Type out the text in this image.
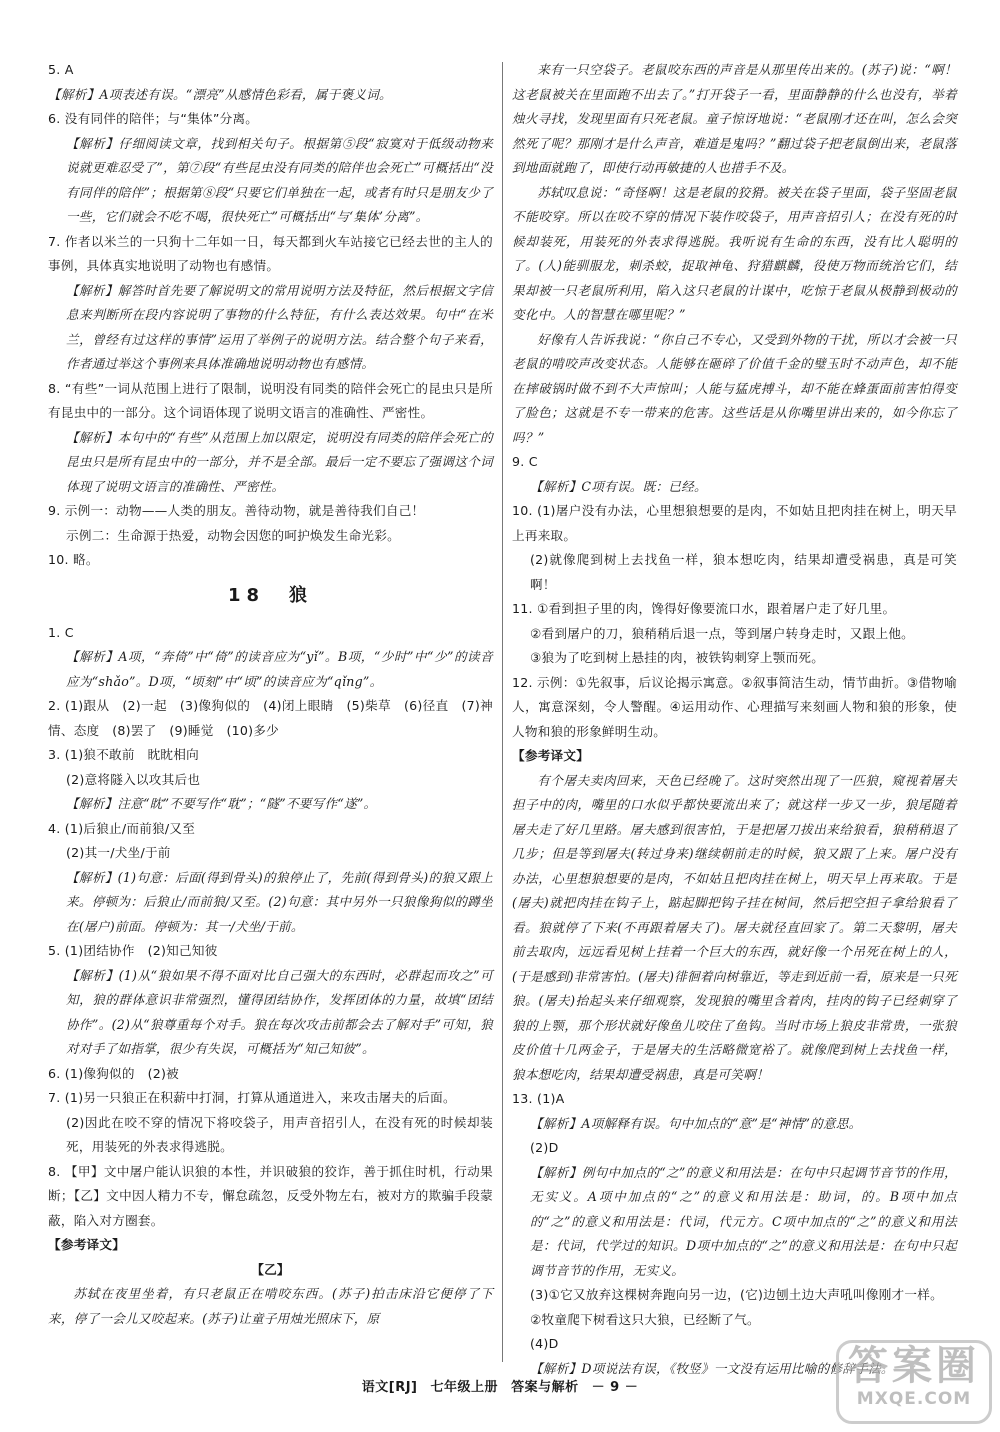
5. A

【解析】A项表述有误。“漂亮”从感情色彩看，属于褒义词。

6. 没有同伴的陪伴；与“集体”分离。

【解析】仔细阅读文章，找到相关句子。根据第⑤段“寂寞对于低级动物来说就更难忍受了”，第⑦段“有些昆虫没有同类的陪伴也会死亡”可概括出“没有同伴的陪伴”；根据第⑧段“只要它们单独在一起，或者有时只是朋友少了一些，它们就会不吃不喝，很快死亡”可概括出“与‘集体’分离”。

7. 作者以米兰的一只狗十二年如一日，每天都到火车站接它已经去世的主人的事例，具体真实地说明了动物也有感情。

【解析】解答时首先要了解说明文的常用说明方法及特征，然后根据文字信息来判断所在段内容说明了事物的什么特征，有什么表达效果。句中“在米兰，曾经有过这样的事情”运用了举例子的说明方法。结合整个句子来看，作者通过举这个事例来具体准确地说明动物也有感情。

8. “有些”一词从范围上进行了限制，说明没有同类的陪伴会死亡的昆虫只是所有昆虫中的一部分。这个词语体现了说明文语言的准确性、严密性。

【解析】本句中的“有些”从范围上加以限定，说明没有同类的陪伴会死亡的昆虫只是所有昆虫中的一部分，并不是全部。最后一定不要忘了强调这个词体现了说明文语言的准确性、严密性。

9. 示例一：动物——人类的朋友。善待动物，就是善待我们自己！

示例二：生命源于热爱，动物会因您的呵护焕发生命光彩。

10. 略。

18　狼

1. C

【解析】A项，“奔倚”中“倚”的读音应为“yǐ”。B项，“少时”中“少”的读音应为“shǎo”。D项，“顷刻”中“顷”的读音应为“qǐng”。

2. (1)跟从　(2)一起　(3)像狗似的　(4)闭上眼睛　(5)柴草　(6)径直　(7)神情、态度　(8)罢了　(9)睡觉　(10)多少

3. (1)狼不敢前　眈眈相向

(2)意将隧入以攻其后也

【解析】注意“眈”不要写作“耽”；“隧”不要写作“遂”。

4. (1)后狼止/而前狼/又至

(2)其一/犬坐/于前

【解析】(1)句意：后面(得到骨头)的狼停止了，先前(得到骨头)的狼又跟上来。停顿为：后狼止/而前狼/又至。(2)句意：其中另外一只狼像狗似的蹲坐在(屠户)前面。停顿为：其一/犬坐/于前。

5. (1)团结协作　(2)知己知彼

【解析】(1)从“狼如果不得不面对比自己强大的东西时，必群起而攻之”可知，狼的群体意识非常强烈，懂得团结协作，发挥团体的力量，故填“团结协作”。(2)从“狼尊重每个对手。狼在每次攻击前都会去了解对手”可知，狼对对手了如指掌，很少有失误，可概括为“知己知彼”。

6. (1)像狗似的　(2)被

7. (1)另一只狼正在积薪中打洞，打算从通道进入，来攻击屠夫的后面。

(2)因此在咬不穿的情况下将咬袋子，用声音招引人，在没有死的时候却装死，用装死的外表求得逃脱。

8. 【甲】文中屠户能认识狼的本性，并识破狼的狡诈，善于抓住时机，行动果断；【乙】文中因人精力不专，懈怠疏忽，反受外物左右，被对方的欺骗手段蒙蔽，陷入对方圈套。

【参考译文】

【乙】

苏轼在夜里坐着，有只老鼠正在啃咬东西。(苏子)拍击床沿它便停了下来，停了一会儿又咬起来。(苏子)让童子用烛光照床下，原

来有一只空袋子。老鼠咬东西的声音是从那里传出来的。(苏子)说：“啊！这老鼠被关在里面跑不出去了。”打开袋子一看，里面静静的什么也没有，举着烛火寻找，发现里面有只死老鼠。童子惊讶地说：“老鼠刚才还在叫，怎么会突然死了呢？那刚才是什么声音，难道是鬼吗？”翻过袋子把老鼠倒出来，老鼠落到地面就跑了，即使行动再敏捷的人也措手不及。

苏轼叹息说：“奇怪啊！这是老鼠的狡猾。被关在袋子里面，袋子坚固老鼠不能咬穿。所以在咬不穿的情况下装作咬袋子，用声音招引人；在没有死的时候却装死，用装死的外表求得逃脱。我听说有生命的东西，没有比人聪明的了。(人)能驯服龙，刺杀蛟，捉取神龟、狩猎麒麟，役使万物而统治它们，结果却被一只老鼠所利用，陷入这只老鼠的计谋中，吃惊于老鼠从极静到极动的变化中。人的智慧在哪里呢？”

好像有人告诉我说：“你自己不专心，又受到外物的干扰，所以才会被一只老鼠的啃咬声改变状态。人能够在砸碎了价值千金的璧玉时不动声色，却不能在摔破锅时做不到不大声惊叫；人能与猛虎搏斗，却不能在蜂蛋面前害怕得变了脸色；这就是不专一带来的危害。这些话是从你嘴里讲出来的，如今你忘了吗？”

9. C

【解析】C项有误。既：已经。

10. (1)屠户没有办法，心里想狼想要的是肉，不如姑且把肉挂在树上，明天早上再来取。

(2)就像爬到树上去找鱼一样，狼本想吃肉，结果却遭受祸患，真是可笑啊！

11. ①看到担子里的肉，馋得好像要流口水，跟着屠户走了好几里。

②看到屠户的刀，狼稍稍后退一点，等到屠户转身走时，又跟上他。

③狼为了吃到树上悬挂的肉，被铁钩刺穿上颚而死。

12. 示例：①先叙事，后议论揭示寓意。②叙事简洁生动，情节曲折。③借物喻人，寓意深刻，令人警醒。④运用动作、心理描写来刻画人物和狼的形象，使人物和狼的形象鲜明生动。

【参考译文】

有个屠夫卖肉回来，天色已经晚了。这时突然出现了一匹狼，窥视着屠夫担子中的肉，嘴里的口水似乎都快要流出来了；就这样一步又一步，狼尾随着屠夫走了好几里路。屠夫感到很害怕，于是把屠刀拔出来给狼看，狼稍稍退了几步；但是等到屠夫(转过身来)继续朝前走的时候，狼又跟了上来。屠户没有办法，心里想狼想要的是肉，不如姑且把肉挂在树上，明天早上再来取。于是(屠夫)就把肉挂在钩子上，踮起脚把钩子挂在树间，然后把空担子拿给狼看了看。狼就停了下来(不再跟着屠夫了)。屠夫就径直回家了。第二天黎明，屠夫前去取肉，远远看见树上挂着一个巨大的东西，就好像一个吊死在树上的人，(于是感到)非常害怕。(屠夫)徘徊着向树靠近，等走到近前一看，原来是一只死狼。(屠夫)抬起头来仔细观察，发现狼的嘴里含着肉，挂肉的钩子已经刺穿了狼的上颚，那个形状就好像鱼儿咬住了鱼钩。当时市场上狼皮非常贵，一张狼皮价值十几两金子，于是屠夫的生活略微宽裕了。就像爬到树上去找鱼一样，狼本想吃肉，结果却遭受祸患，真是可笑啊！

13. (1)A

【解析】A项解释有误。句中加点的“意”是“神情”的意思。

(2)D

【解析】例句中加点的“之”的意义和用法是：在句中只起调节音节的作用，无实义。A项中加点的“之”的意义和用法是：助词，的。B项中加点的“之”的意义和用法是：代词，代元方。C项中加点的“之”的意义和用法是：代词，代学过的知识。D项中加点的“之”的意义和用法是：在句中只起调节音节的作用，无实义。

(3)①它又放弃这棵树奔跑向另一边，(它)边刨土边大声吼叫像刚才一样。

②牧童爬下树看这只大狼，已经断了气。

(4)D

【解析】D项说法有误，《牧竖》一文没有运用比喻的修辞手法。

语文[RJ] 七年级上册 答案与解析 － 9 －	答案圈
MXQE.COM
